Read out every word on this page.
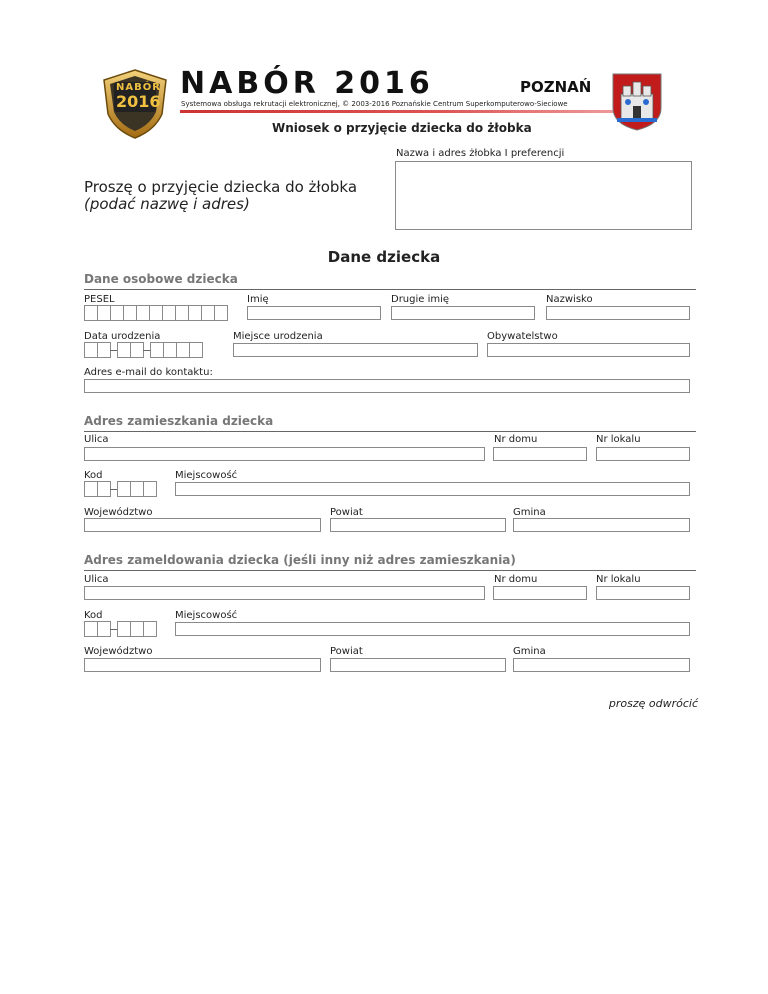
NABÓR
2016
NABÓR 2016	POZNAŃ
Systemowa obsługa rekrutacji elektronicznej, © 2003-2016 Poznańskie Centrum Superkomputerowo-Sieciowe
Wniosek o przyjęcie dziecka do żłobka
Nazwa i adres żłobka I preferencji
Proszę o przyjęcie dziecka do żłobka
(podać nazwę i adres)
Dane dziecka
Dane osobowe dziecka
PESEL	Imię	Drugie imię	Nazwisko
Data urodzenia	Miejsce urodzenia	Obywatelstwo
Adres e-mail do kontaktu:
Adres zamieszkania dziecka
Ulica	Nr domu	Nr lokalu
Kod	Miejscowość
Województwo	Powiat	Gmina
Adres zameldowania dziecka (jeśli inny niż adres zamieszkania)
Ulica	Nr domu	Nr lokalu
Kod	Miejscowość
Województwo	Powiat	Gmina
proszę odwrócić
